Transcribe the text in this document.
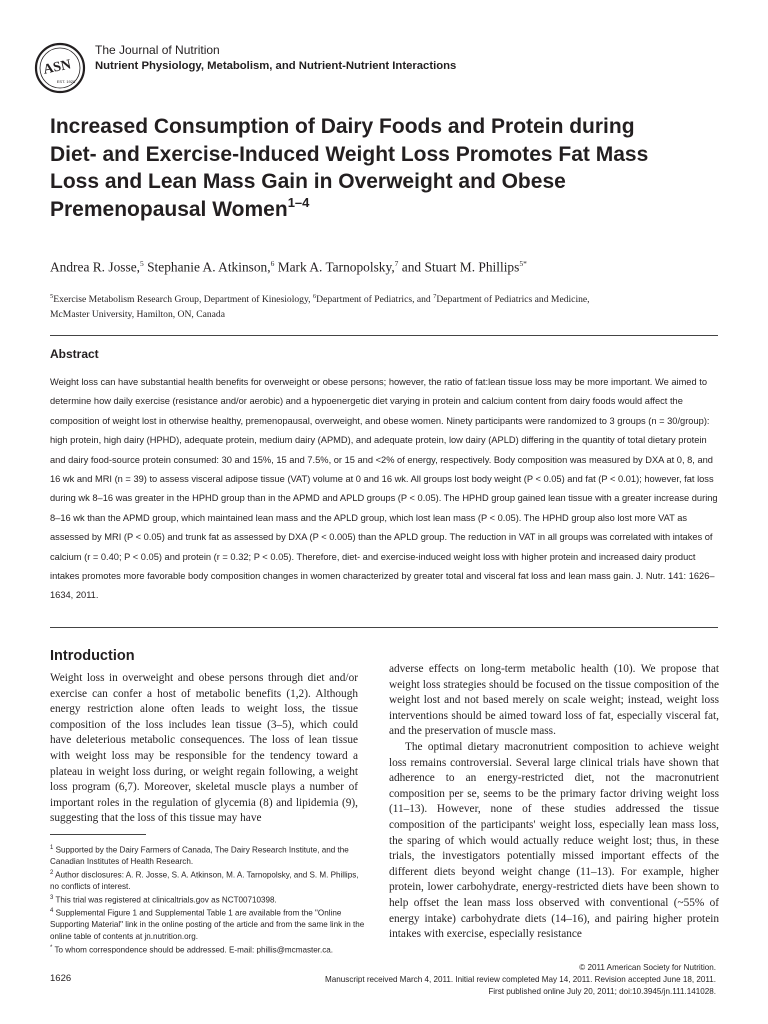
ASN
EST. 1928
The Journal of Nutrition
Nutrient Physiology, Metabolism, and Nutrient-Nutrient Interactions
Increased Consumption of Dairy Foods and Protein during Diet- and Exercise-Induced Weight Loss Promotes Fat Mass Loss and Lean Mass Gain in Overweight and Obese Premenopausal Women$^{1-4}$
Andrea R. Josse,$^5$ Stephanie A. Atkinson,$^6$ Mark A. Tarnopolsky,$^7$ and Stuart M. Phillips$^{5*}$
$^5$Exercise Metabolism Research Group, Department of Kinesiology, $^6$Department of Pediatrics, and $^7$Department of Pediatrics and Medicine, McMaster University, Hamilton, ON, Canada
Abstract
Weight loss can have substantial health benefits for overweight or obese persons; however, the ratio of fat:lean tissue loss may be more important. We aimed to determine how daily exercise (resistance and/or aerobic) and a hypoenergetic diet varying in protein and calcium content from dairy foods would affect the composition of weight lost in otherwise healthy, premenopausal, overweight, and obese women. Ninety participants were randomized to 3 groups (n = 30/group): high protein, high dairy (HPHD), adequate protein, medium dairy (APMD), and adequate protein, low dairy (APLD) differing in the quantity of total dietary protein and dairy food-source protein consumed: 30 and 15%, 15 and 7.5%, or 15 and <2% of energy, respectively. Body composition was measured by DXA at 0, 8, and 16 wk and MRI (n = 39) to assess visceral adipose tissue (VAT) volume at 0 and 16 wk. All groups lost body weight (P < 0.05) and fat (P < 0.01); however, fat loss during wk 8–16 was greater in the HPHD group than in the APMD and APLD groups (P < 0.05). The HPHD group gained lean tissue with a greater increase during 8–16 wk than the APMD group, which maintained lean mass and the APLD group, which lost lean mass (P < 0.05). The HPHD group also lost more VAT as assessed by MRI (P < 0.05) and trunk fat as assessed by DXA (P < 0.005) than the APLD group. The reduction in VAT in all groups was correlated with intakes of calcium (r = 0.40; P < 0.05) and protein (r = 0.32; P < 0.05). Therefore, diet- and exercise-induced weight loss with higher protein and increased dairy product intakes promotes more favorable body composition changes in women characterized by greater total and visceral fat loss and lean mass gain. J. Nutr. 141: 1626–1634, 2011.
Introduction

Weight loss in overweight and obese persons through diet and/or exercise can confer a host of metabolic benefits (1,2). Although energy restriction alone often leads to weight loss, the tissue composition of the loss includes lean tissue (3–5), which could have deleterious metabolic consequences. The loss of lean tissue with weight loss may be responsible for the tendency toward a plateau in weight loss during, or weight regain following, a weight loss program (6,7). Moreover, skeletal muscle plays a number of important roles in the regulation of glycemia (8) and lipidemia (9), suggesting that the loss of this tissue may have

adverse effects on long-term metabolic health (10). We propose that weight loss strategies should be focused on the tissue composition of the weight lost and not based merely on scale weight; instead, weight loss interventions should be aimed toward loss of fat, especially visceral fat, and the preservation of muscle mass.

The optimal dietary macronutrient composition to achieve weight loss remains controversial. Several large clinical trials have shown that adherence to an energy-restricted diet, not the macronutrient composition per se, seems to be the primary factor driving weight loss (11–13). However, none of these studies addressed the tissue composition of the participants' weight loss, especially lean mass loss, the sparing of which would actually reduce weight lost; thus, in these trials, the investigators potentially missed important effects of the different diets beyond weight change (11–13). For example, higher protein, lower carbohydrate, energy-restricted diets have been shown to help offset the lean mass loss observed with conventional (~55% of energy intake) carbohydrate diets (14–16), and pairing higher protein intakes with exercise, especially resistance

$^1$ Supported by the Dairy Farmers of Canada, The Dairy Research Institute, and the Canadian Institutes of Health Research.

$^2$ Author disclosures: A. R. Josse, S. A. Atkinson, M. A. Tarnopolsky, and S. M. Phillips, no conflicts of interest.

$^3$ This trial was registered at clinicaltrials.gov as NCT00710398.

$^4$ Supplemental Figure 1 and Supplemental Table 1 are available from the "Online Supporting Material" link in the online posting of the article and from the same link in the online table of contents at jn.nutrition.org.

* To whom correspondence should be addressed. E-mail: phillis@mcmaster.ca.

© 2011 American Society for Nutrition.
1626	Manuscript received March 4, 2011. Initial review completed May 14, 2011. Revision accepted June 18, 2011.
First published online July 20, 2011; doi:10.3945/jn.111.141028.
